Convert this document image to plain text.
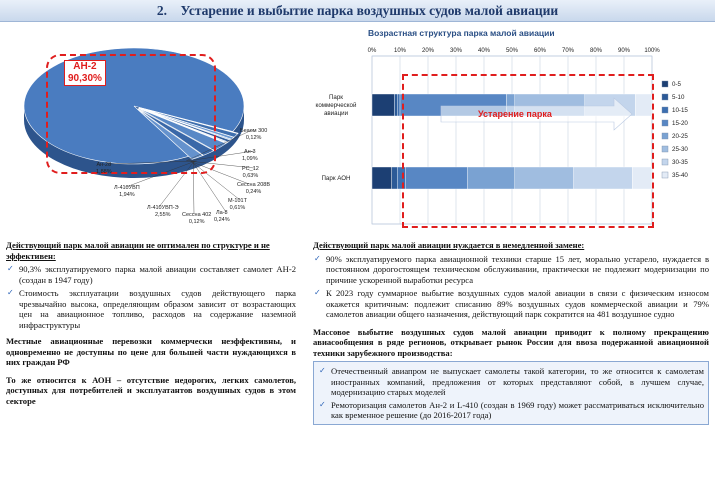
2.    Устарение и выбытие парка воздушных судов малой авиации
АН-2
90,30%
Беаом 300
0,12%
Ан-3
1,09%
PC_12
0,63%
Сессна 208В
0,24%
М-101Т
0,61%
Ла-8
0,24%
Сессна 402
0,12%
Л-410УВП-Э
2,55%
Л-410УВП
1,94%
Ан-28
1,88%
Возрастная структура парка малой авиации
0%	10%	20%	30%	40%	50%	60%	70%	80%	90% 100%
Парк
коммерческой
авиации
Парк АОН
0-5
5-10
10-15
15-20
20-25
25-30
30-35
35-40
Устарение парка
Действующий парк малой авиации не оптимален по структуре и не эффективен:
✓ 90,3% эксплуатируемого парка малой авиации составляет самолет АН-2 (создан в 1947 году)
✓ Стоимость эксплуатации воздушных судов действующего парка чрезвычайно высока, определяющим образом зависит от возрастающих цен на авиационное топливо, расходов на содержание наземной инфраструктуры
Местные авиационные перевозки коммерчески неэффективны, и одновременно не доступны по цене для большей части нуждающихся в них граждан РФ
То же относится к АОН – отсутствие недорогих, легких самолетов, доступных для потребителей и эксплуатантов воздушных судов в этом секторе
Действующий парк малой авиации нуждается в немедленной замене:
✓ 90% эксплуатируемого парка авиационной техники старше 15 лет, морально устарело, нуждается в постоянном дорогостоящем техническом обслуживании, практически не подлежит модернизации по причине ускоренной выработки ресурса
✓ К 2023 году суммарное выбытие воздушных судов малой авиации в связи с физическим износом окажется критичным: подлежит списанию 89% воздушных судов коммерческой авиации и 79% самолетов авиации общего назначения, действующий парк сократится на 481 воздушное судно
Массовое выбытие воздушных судов малой авиации приводит к полному прекращению авиасообщения в ряде регионов, открывает рынок России для ввоза подержанной авиационной техники зарубежного производства:
✓ Отечественный авиапром не выпускает самолеты такой категории, то же относится к самолетам иностранных компаний, предложения от которых представляют собой, в лучшем случае, модернизацию старых моделей
✓ Ремоторизация самолетов Ан-2 и L-410 (создан в 1969 году) может рассматриваться исключительно как временное решение (до 2016-2017 года)
